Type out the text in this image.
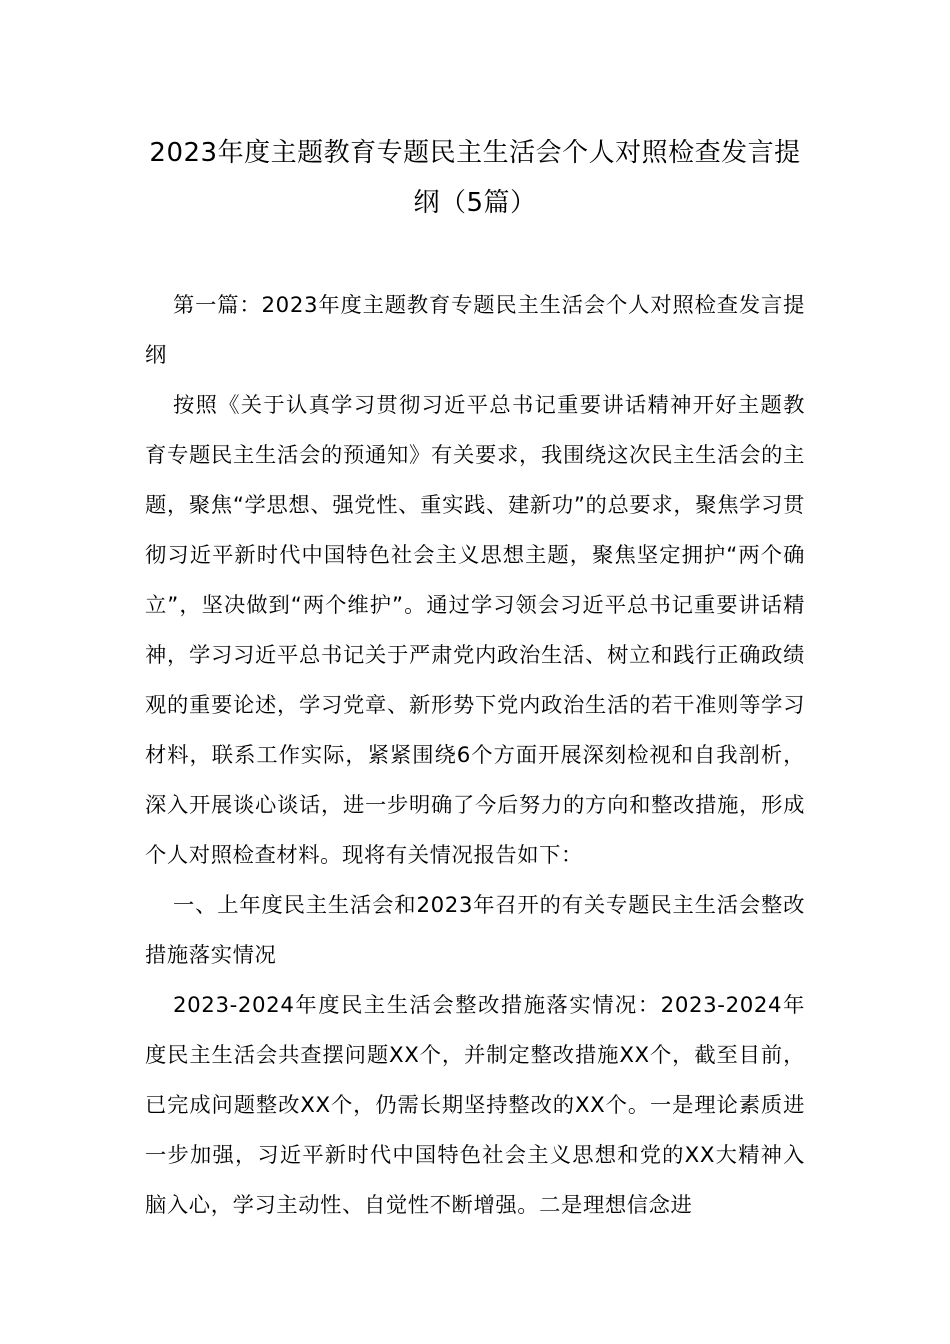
2023年度主题教育专题民主生活会个人对照检查发言提纲（5篇）

第一篇：2023年度主题教育专题民主生活会个人对照检查发言提纲

按照《关于认真学习贯彻习近平总书记重要讲话精神开好主题教育专题民主生活会的预通知》有关要求，我围绕这次民主生活会的主题，聚焦“学思想、强党性、重实践、建新功”的总要求，聚焦学习贯彻习近平新时代中国特色社会主义思想主题，聚焦坚定拥护“两个确立”，坚决做到“两个维护”。通过学习领会习近平总书记重要讲话精神，学习习近平总书记关于严肃党内政治生活、树立和践行正确政绩观的重要论述，学习党章、新形势下党内政治生活的若干准则等学习材料，联系工作实际，紧紧围绕6个方面开展深刻检视和自我剖析，深入开展谈心谈话，进一步明确了今后努力的方向和整改措施，形成个人对照检查材料。现将有关情况报告如下：

一、上年度民主生活会和2023年召开的有关专题民主生活会整改措施落实情况

2023-2024年度民主生活会整改措施落实情况：2023-2024年度民主生活会共查摆问题XX个，并制定整改措施XX个，截至目前，已完成问题整改XX个，仍需长期坚持整改的XX个。一是理论素质进一步加强，习近平新时代中国特色社会主义思想和党的XX大精神入脑入心，学习主动性、自觉性不断增强。二是理想信念进
